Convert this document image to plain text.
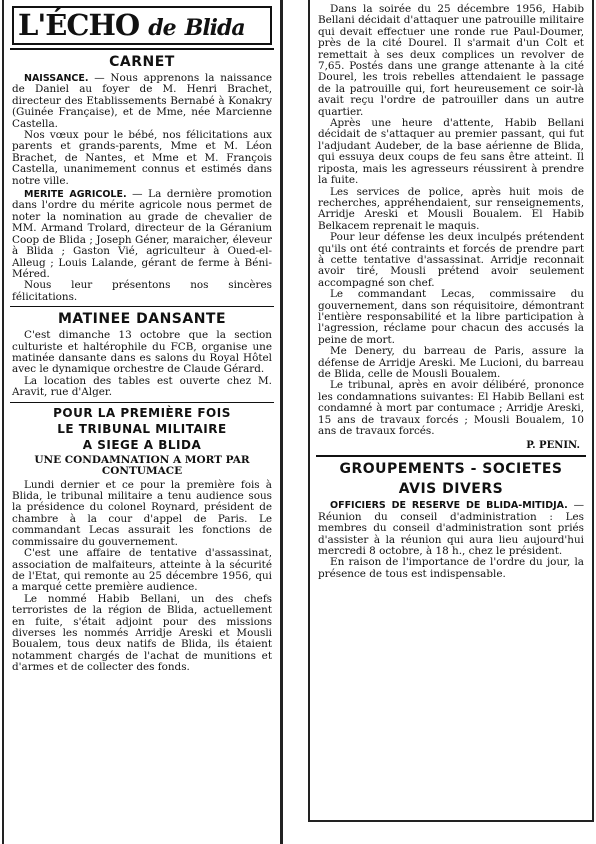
L'ÉCHO de Blida
CARNET

NAISSANCE. — Nous apprenons la naissance de Daniel au foyer de M. Henri Brachet, directeur des Etablissements Bernabé à Konakry (Guinée Française), et de Mme, née Marcienne Castella.

Nos vœux pour le bébé, nos félicitations aux parents et grands-parents, Mme et M. Léon Brachet, de Nantes, et Mme et M. François Castella, unanimement connus et estimés dans notre ville.

MERITE AGRICOLE. — La dernière promotion dans l'ordre du mérite agricole nous permet de noter la nomination au grade de chevalier de MM. Armand Trolard, directeur de la Géranium Coop de Blida ; Joseph Géner, maraicher, éleveur à Blida ; Gaston Vié, agriculteur à Oued-el-Alleug ; Louis Lalande, gérant de ferme à Béni-Méred.

Nous leur présentons nos sincères félicitations.

MATINEE DANSANTE

C'est dimanche 13 octobre que la section culturiste et haltérophile du FCB, organise une matinée dansante dans es salons du Royal Hôtel avec le dynamique orchestre de Claude Gérard.

La location des tables est ouverte chez M. Aravit, rue d'Alger.

POUR LA PREMIÈRE FOIS
LE TRIBUNAL MILITAIRE
A SIEGE A BLIDA
UNE CONDAMNATION A MORT PAR CONTUMACE

Lundi dernier et ce pour la première fois à Blida, le tribunal militaire a tenu audience sous la présidence du colonel Roynard, président de chambre à la cour d'appel de Paris. Le commandant Lecas assurait les fonctions de commissaire du gouvernement.

C'est une affaire de tentative d'assassinat, association de malfaiteurs, atteinte à la sécurité de l'Etat, qui remonte au 25 décembre 1956, qui a marqué cette première audience.

Le nommé Habib Bellani, un des chefs terroristes de la région de Blida, actuellement en fuite, s'était adjoint pour des missions diverses les nommés Arridje Areski et Mousli Boualem, tous deux natifs de Blida, ils étaient notamment chargés de l'achat de munitions et d'armes et de collecter des fonds.

Dans la soirée du 25 décembre 1956, Habib Bellani décidait d'attaquer une patrouille militaire qui devait effectuer une ronde rue Paul-Doumer, près de la cité Dourel. Il s'armait d'un Colt et remettait à ses deux complices un revolver de 7,65. Postés dans une grange attenante à la cité Dourel, les trois rebelles attendaient le passage de la patrouille qui, fort heureusement ce soir-là avait reçu l'ordre de patrouiller dans un autre quartier.

Après une heure d'attente, Habib Bellani décidait de s'attaquer au premier passant, qui fut l'adjudant Audeber, de la base aérienne de Blida, qui essuya deux coups de feu sans être atteint. Il riposta, mais les agresseurs réussirent à prendre la fuite.

Les services de police, après huit mois de recherches, appréhendaient, sur renseignements, Arridje Areski et Mousli Boualem. El Habib Belkacem reprenait le maquis.

Pour leur défense les deux inculpés prétendent qu'ils ont été contraints et forcés de prendre part à cette tentative d'assassinat. Arridje reconnait avoir tiré, Mousli prétend avoir seulement accompagné son chef.

Le commandant Lecas, commissaire du gouvernement, dans son réquisitoire, démontrant l'entière responsabilité et la libre participation à l'agression, réclame pour chacun des accusés la peine de mort.

Me Denery, du barreau de Paris, assure la défense de Arridje Areski. Me Lucioni, du barreau de Blida, celle de Mousli Boualem.

Le tribunal, après en avoir délibéré, prononce les condamnations suivantes: El Habib Bellani est condamné à mort par contumace ; Arridje Areski, 15 ans de travaux forcés ; Mousli Boualem, 10 ans de travaux forcés.

P. PENIN.
GROUPEMENTS - SOCIETES
AVIS DIVERS

OFFICIERS DE RESERVE DE BLIDA-MITIDJA. — Réunion du conseil d'administration : Les membres du conseil d'administration sont priés d'assister à la réunion qui aura lieu aujourd'hui mercredi 8 octobre, à 18 h., chez le président.

En raison de l'importance de l'ordre du jour, la présence de tous est indispensable.
